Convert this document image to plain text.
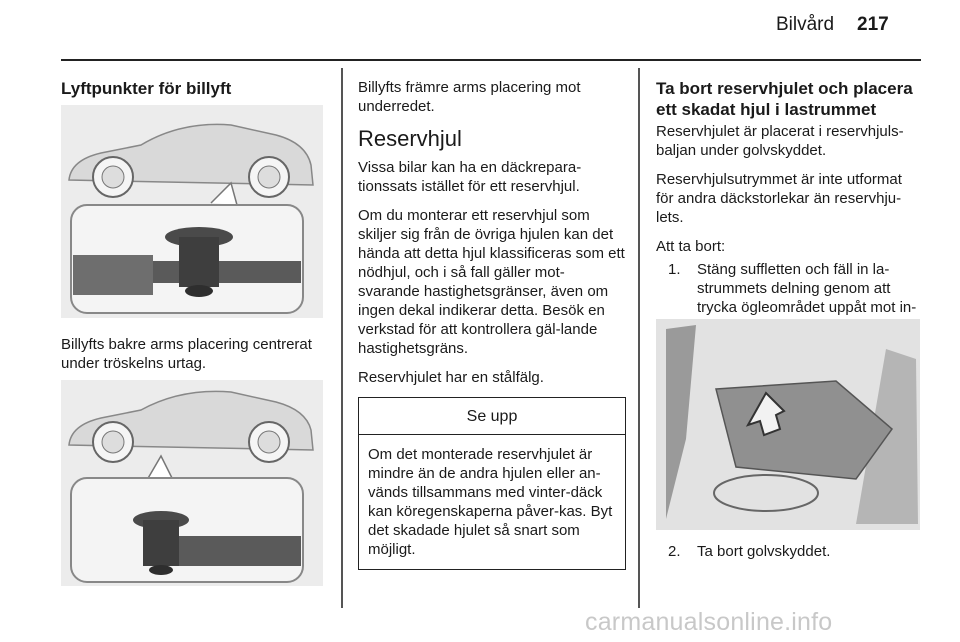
Bilvård 217
Lyftpunkter för billyft
Billyfts bakre arms placering centrerat under tröskelns urtag.

Billyfts främre arms placering mot underredet.

Reservhjul

Vissa bilar kan ha en däckrepara-tionssats istället för ett reservhjul.

Om du monterar ett reservhjul som skiljer sig från de övriga hjulen kan det hända att detta hjul klassificeras som ett nödhjul, och i så fall gäller mot-svarande hastighetsgränser, även om ingen dekal indikerar detta. Besök en verkstad för att kontrollera gäl-lande hastighetsgräns.

Reservhjulet har en stålfälg.

Se upp
Om det monterade reservhjulet är mindre än de andra hjulen eller an-vänds tillsammans med vinter-däck kan köregenskaperna påver-kas. Byt det skadade hjulet så snart som möjligt.
Ta bort reservhjulet och placera ett skadat hjul i lastrummet

Reservhjulet är placerat i reservhjuls-baljan under golvskyddet.

Reservhjulsutrymmet är inte utformat för andra däckstorlekar än reservhju-lets.

Att ta bort:

1. Stäng suffletten och fäll in la-strummets delning genom att trycka ögleområdet uppåt mot in-
2. Ta bort golvskyddet.
carmanualsonline.info
